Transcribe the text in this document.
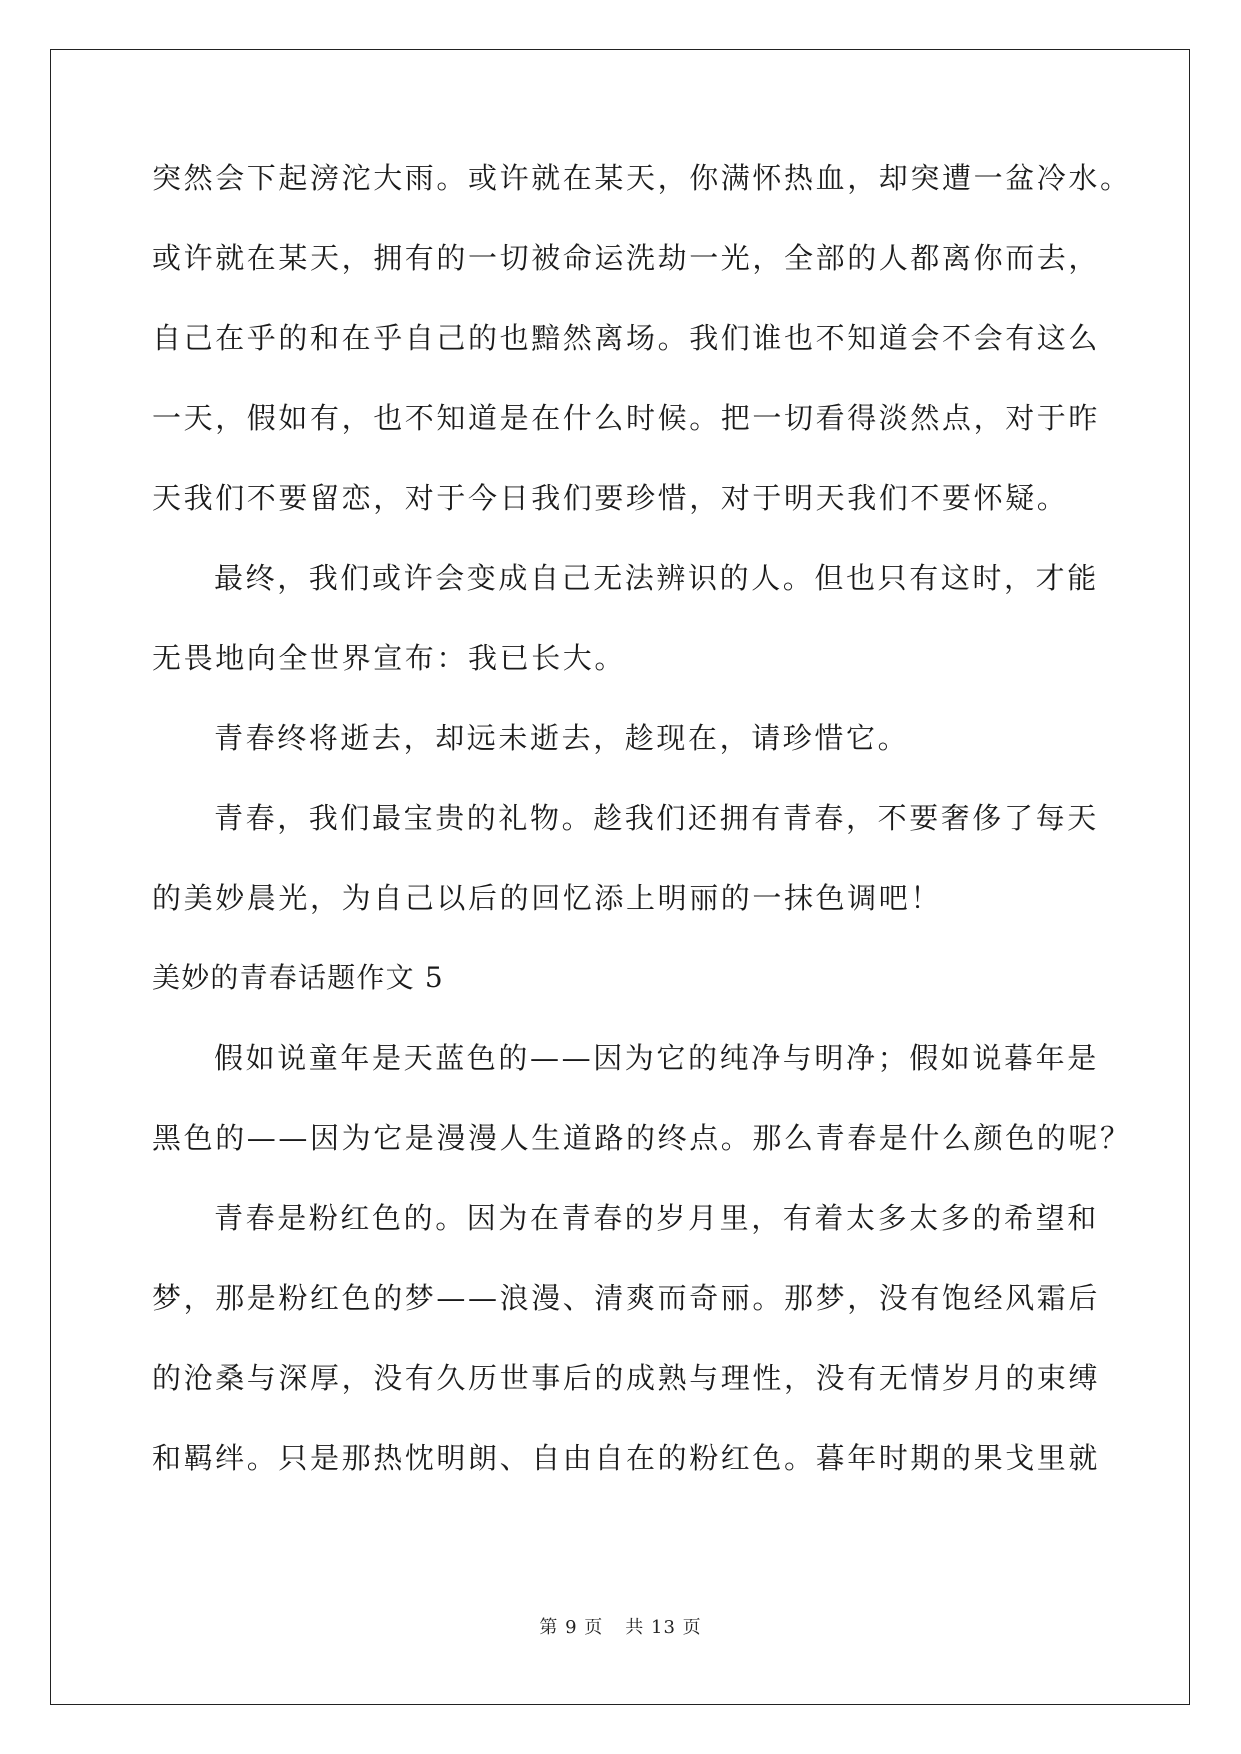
突然会下起滂沱大雨。或许就在某天，你满怀热血，却突遭一盆冷水。
或许就在某天，拥有的一切被命运洗劫一光，全部的人都离你而去，
自己在乎的和在乎自己的也黯然离场。我们谁也不知道会不会有这么
一天，假如有，也不知道是在什么时候。把一切看得淡然点，对于昨
天我们不要留恋，对于今日我们要珍惜，对于明天我们不要怀疑。
最终，我们或许会变成自己无法辨识的人。但也只有这时，才能
无畏地向全世界宣布：我已长大。
青春终将逝去，却远未逝去，趁现在，请珍惜它。
青春，我们最宝贵的礼物。趁我们还拥有青春，不要奢侈了每天
的美妙晨光，为自己以后的回忆添上明丽的一抹色调吧！
美妙的青春话题作文 5
假如说童年是天蓝色的——因为它的纯净与明净；假如说暮年是
黑色的——因为它是漫漫人生道路的终点。那么青春是什么颜色的呢？
青春是粉红色的。因为在青春的岁月里，有着太多太多的希望和
梦，那是粉红色的梦——浪漫、清爽而奇丽。那梦，没有饱经风霜后
的沧桑与深厚，没有久历世事后的成熟与理性，没有无情岁月的束缚
和羁绊。只是那热忱明朗、自由自在的粉红色。暮年时期的果戈里就
第 9 页 共 13 页
